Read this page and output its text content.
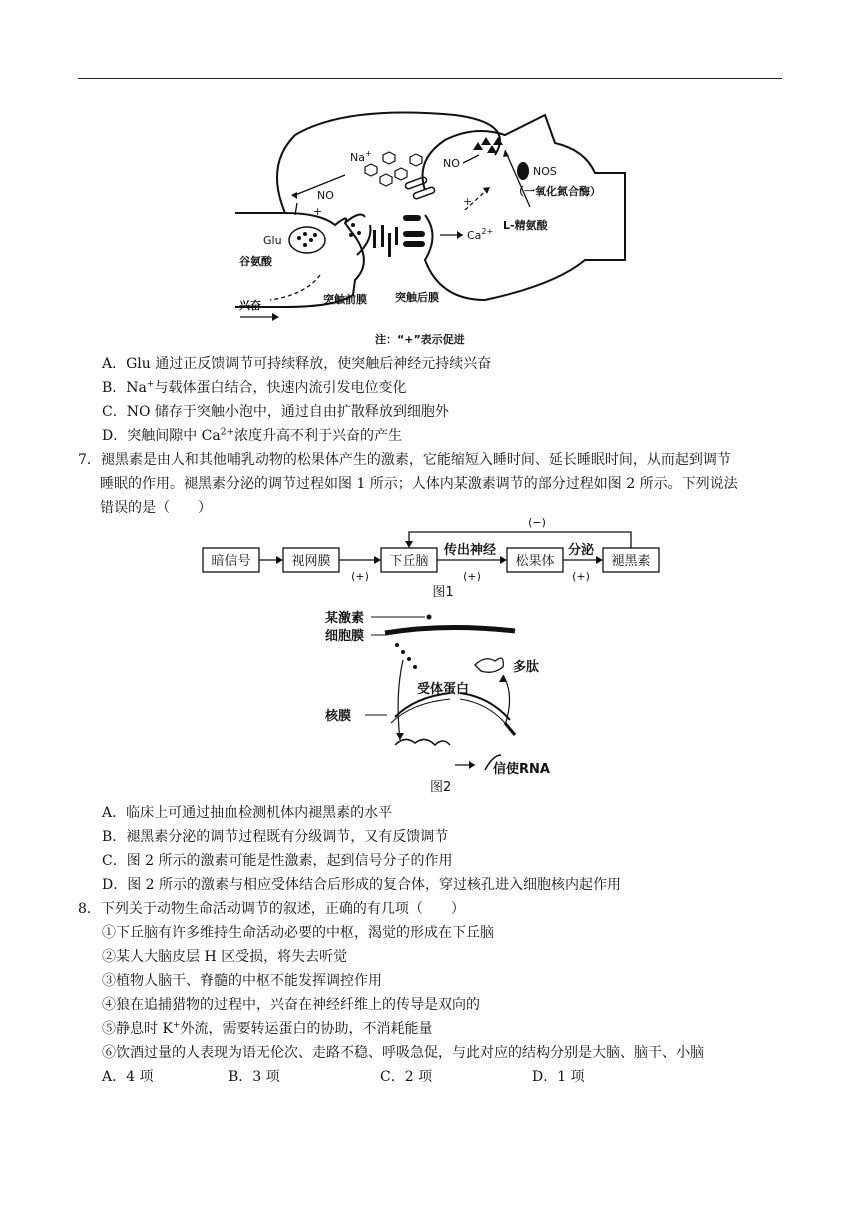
Na+
NO
NO
NOS
（一氧化氮合酶）
+
+
Glu
谷氨酸
$Ca^{2+}$ L-精氨酸
兴奋	突触前膜	突触后膜
注：“+”表示促进
A．Glu 通过正反馈调节可持续释放，使突触后神经元持续兴奋
B．Na+与载体蛋白结合，快速内流引发电位变化
C．NO 储存于突触小泡中，通过自由扩散释放到细胞外
D．突触间隙中 $Ca^{2+}$浓度升高不利于兴奋的产生
7．褪黑素是由人和其他哺乳动物的松果体产生的激素，它能缩短入睡时间、延长睡眠时间，从而起到调节
睡眠的作用。褪黑素分泌的调节过程如图 1 所示；人体内某激素调节的部分过程如图 2 所示。下列说法
错误的是（　　）
暗信号	视网膜	下丘脑	松果体	褪黑素
传出神经	分泌
(+)	(+)	(+)
(−)
图1
某激素
细胞膜
多肽
受体蛋白
核膜
信使RNA
图2
A．临床上可通过抽血检测机体内褪黑素的水平
B．褪黑素分泌的调节过程既有分级调节，又有反馈调节
C．图 2 所示的激素可能是性激素，起到信号分子的作用
D．图 2 所示的激素与相应受体结合后形成的复合体，穿过核孔进入细胞核内起作用
8．下列关于动物生命活动调节的叙述，正确的有几项（　　）
①下丘脑有许多维持生命活动必要的中枢，渴觉的形成在下丘脑
②某人大脑皮层 H 区受损，将失去听觉
③植物人脑干、脊髓的中枢不能发挥调控作用
④狼在追捕猎物的过程中，兴奋在神经纤维上的传导是双向的
⑤静息时 K+外流，需要转运蛋白的协助，不消耗能量
⑥饮酒过量的人表现为语无伦次、走路不稳、呼吸急促，与此对应的结构分别是大脑、脑干、小脑
A．4 项	B．3 项	C．2 项	D．1 项
